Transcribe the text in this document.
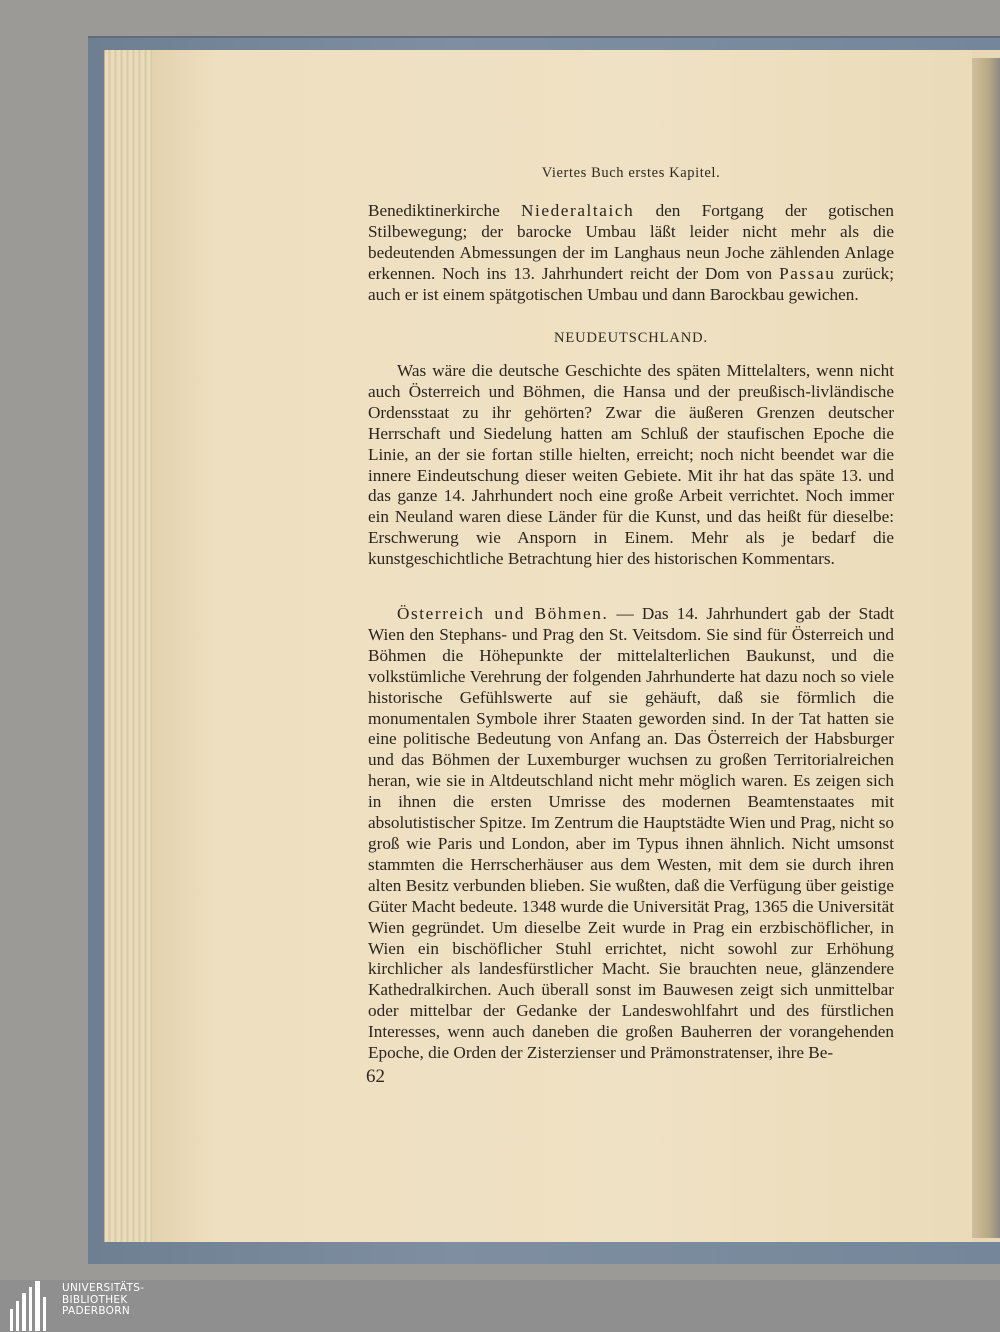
Viertes Buch erstes Kapitel.

Benediktinerkirche Niederaltaich den Fortgang der gotischen Stilbewegung; der barocke Umbau läßt leider nicht mehr als die bedeutenden Abmessungen der im Langhaus neun Joche zählenden Anlage erkennen. Noch ins 13. Jahrhundert reicht der Dom von Passau zurück; auch er ist einem spätgotischen Umbau und dann Barockbau gewichen.

NEUDEUTSCHLAND.

Was wäre die deutsche Geschichte des späten Mittelalters, wenn nicht auch Österreich und Böhmen, die Hansa und der preußisch-livländische Ordensstaat zu ihr gehörten? Zwar die äußeren Grenzen deutscher Herrschaft und Siedelung hatten am Schluß der staufischen Epoche die Linie, an der sie fortan stille hielten, erreicht; noch nicht beendet war die innere Eindeutschung dieser weiten Gebiete. Mit ihr hat das späte 13. und das ganze 14. Jahrhundert noch eine große Arbeit verrichtet. Noch immer ein Neuland waren diese Länder für die Kunst, und das heißt für dieselbe: Erschwerung wie Ansporn in Einem. Mehr als je bedarf die kunstgeschichtliche Betrachtung hier des historischen Kommentars.

Österreich und Böhmen. — Das 14. Jahrhundert gab der Stadt Wien den Stephans- und Prag den St. Veitsdom. Sie sind für Österreich und Böhmen die Höhepunkte der mittelalterlichen Baukunst, und die volkstümliche Verehrung der folgenden Jahrhunderte hat dazu noch so viele historische Gefühlswerte auf sie gehäuft, daß sie förmlich die monumentalen Symbole ihrer Staaten geworden sind. In der Tat hatten sie eine politische Bedeutung von Anfang an. Das Österreich der Habsburger und das Böhmen der Luxemburger wuchsen zu großen Territorialreichen heran, wie sie in Altdeutschland nicht mehr möglich waren. Es zeigen sich in ihnen die ersten Umrisse des modernen Beamtenstaates mit absolutistischer Spitze. Im Zentrum die Hauptstädte Wien und Prag, nicht so groß wie Paris und London, aber im Typus ihnen ähnlich. Nicht umsonst stammten die Herrscherhäuser aus dem Westen, mit dem sie durch ihren alten Besitz verbunden blieben. Sie wußten, daß die Verfügung über geistige Güter Macht bedeute. 1348 wurde die Universität Prag, 1365 die Universität Wien gegründet. Um dieselbe Zeit wurde in Prag ein erzbischöflicher, in Wien ein bischöflicher Stuhl errichtet, nicht sowohl zur Erhöhung kirchlicher als landesfürstlicher Macht. Sie brauchten neue, glänzendere Kathedralkirchen. Auch überall sonst im Bauwesen zeigt sich unmittelbar oder mittelbar der Gedanke der Landeswohlfahrt und des fürstlichen Interesses, wenn auch daneben die großen Bauherren der vorangehenden Epoche, die Orden der Zisterzienser und Prämonstratenser, ihre Be-

62
UNIVERSITÄTS-
BIBLIOTHEK
PADERBORN
